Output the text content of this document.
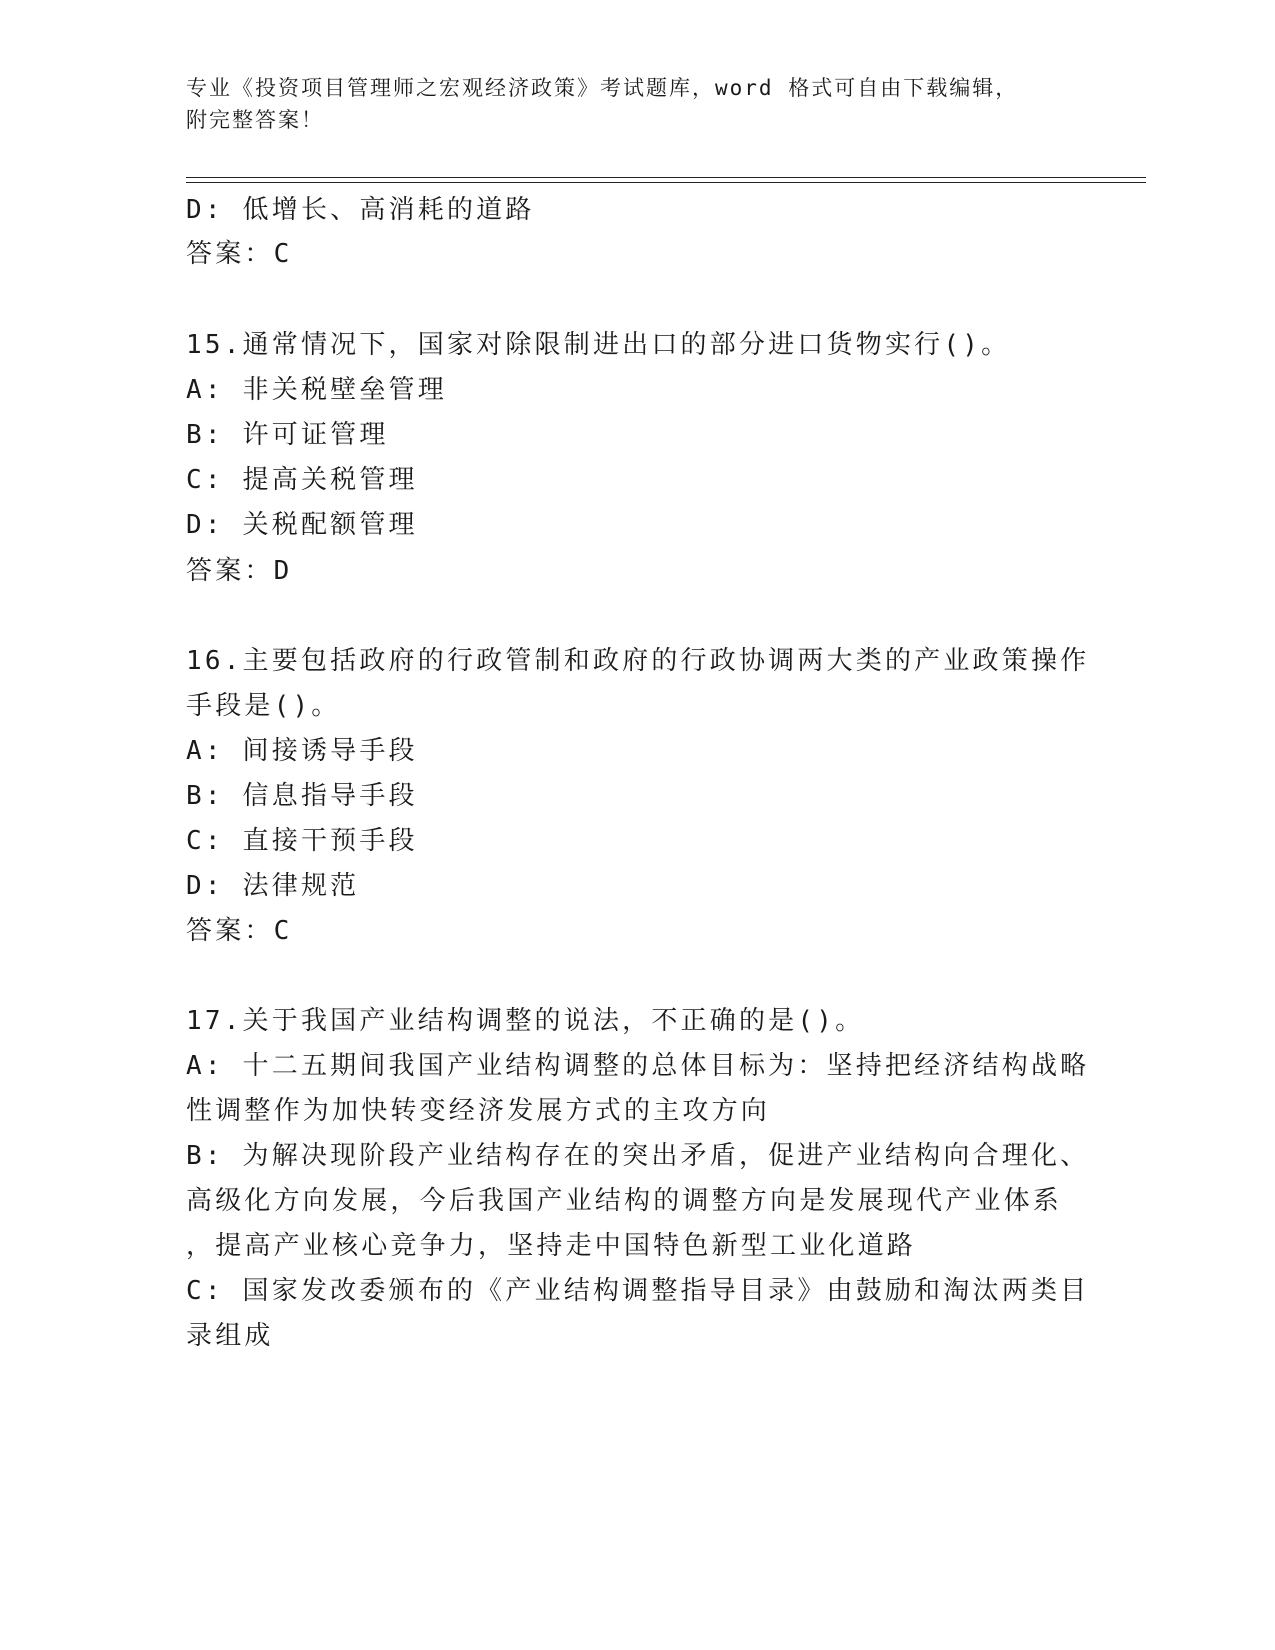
专业《投资项目管理师之宏观经济政策》考试题库，word 格式可自由下载编辑，
附完整答案！
D: 低增长、高消耗的道路
答案：C
15.通常情况下，国家对除限制进出口的部分进口货物实行()。
A: 非关税壁垒管理
B: 许可证管理
C: 提高关税管理
D: 关税配额管理
答案：D
16.主要包括政府的行政管制和政府的行政协调两大类的产业政策操作
手段是()。
A: 间接诱导手段
B: 信息指导手段
C: 直接干预手段
D: 法律规范
答案：C
17.关于我国产业结构调整的说法，不正确的是()。
A: 十二五期间我国产业结构调整的总体目标为：坚持把经济结构战略
性调整作为加快转变经济发展方式的主攻方向
B: 为解决现阶段产业结构存在的突出矛盾，促进产业结构向合理化、
高级化方向发展，今后我国产业结构的调整方向是发展现代产业体系
，提高产业核心竞争力，坚持走中国特色新型工业化道路
C: 国家发改委颁布的《产业结构调整指导目录》由鼓励和淘汰两类目
录组成
